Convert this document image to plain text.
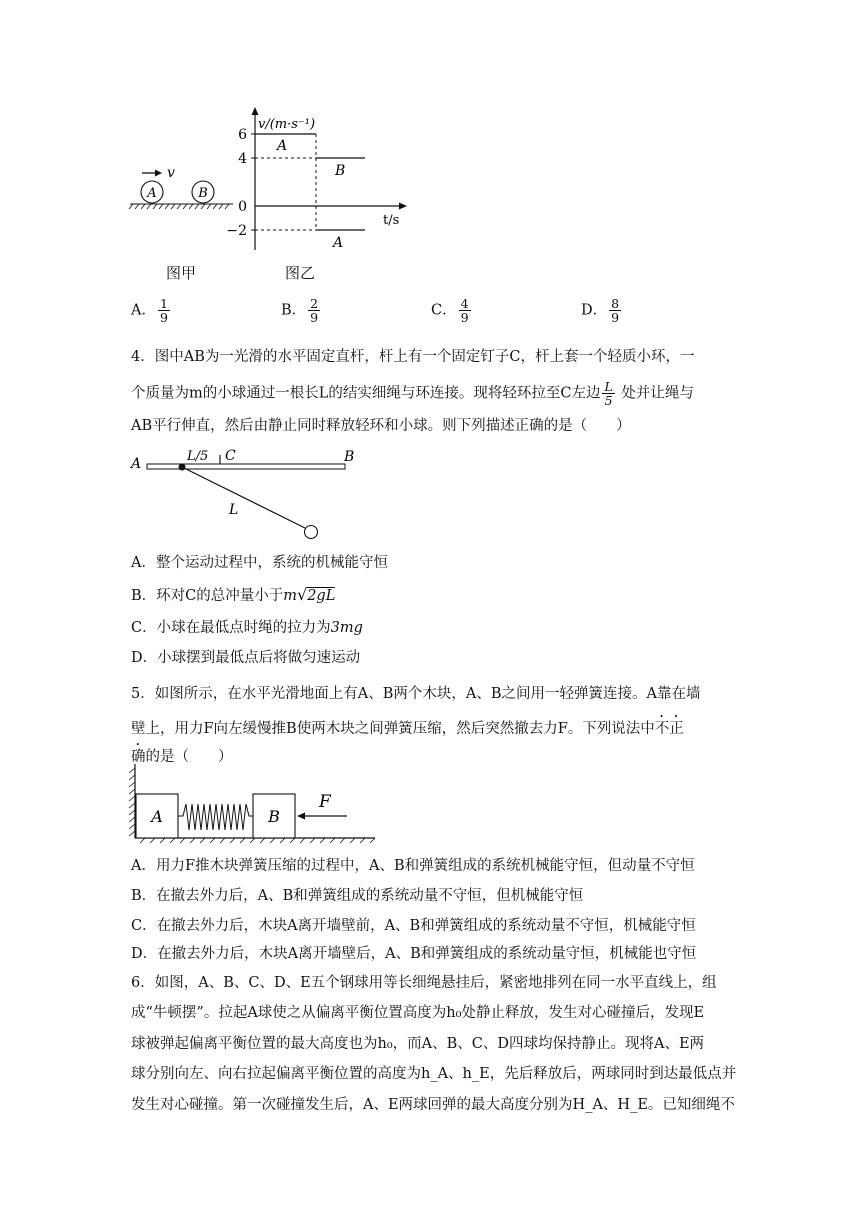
v
A	B
v/(m·s⁻¹)
t/s
6
4
0
−2
A
B
A
图甲	图乙
A． $\frac{1}{9}$	B． $\frac{2}{9}$	C． $\frac{4}{9}$	D． $\frac{8}{9}$
4．图中AB为一光滑的水平固定直杆，杆上有一个固定钉子C，杆上套一个轻质小环，一
个质量为m的小球通过一根长L的结实细绳与环连接。现将轻环拉至C左边 $\frac{L}{5}$ 处并让绳与
AB平行伸直，然后由静止同时释放轻环和小球。则下列描述正确的是（　　）
A	B
L/5 C
L
A．整个运动过程中，系统的机械能守恒
B．环对C的总冲量小于m√2gL
C．小球在最低点时绳的拉力为3mg
D．小球摆到最低点后将做匀速运动
5．如图所示，在水平光滑地面上有A、B两个木块，A、B之间用一轻弹簧连接。A靠在墙
壁上，用力F向左缓慢推B使两木块之间弹簧压缩，然后突然撤去力F。下列说法中不正
确的是（　　）
A	B
F
A．用力F推木块弹簧压缩的过程中，A、B和弹簧组成的系统机械能守恒，但动量不守恒
B．在撤去外力后，A、B和弹簧组成的系统动量不守恒，但机械能守恒
C．在撤去外力后，木块A离开墙壁前，A、B和弹簧组成的系统动量不守恒，机械能守恒
D．在撤去外力后，木块A离开墙壁后，A、B和弹簧组成的系统动量守恒，机械能也守恒
6．如图，A、B、C、D、E五个钢球用等长细绳悬挂后，紧密地排列在同一水平直线上，组
成“牛顿摆”。拉起A球使之从偏离平衡位置高度为h₀处静止释放，发生对心碰撞后，发现E
球被弹起偏离平衡位置的最大高度也为h₀，而A、B、C、D四球均保持静止。现将A、E两
球分别向左、向右拉起偏离平衡位置的高度为h_A、h_E，先后释放后，两球同时到达最低点并
发生对心碰撞。第一次碰撞发生后，A、E两球回弹的最大高度分别为H_A、H_E。已知细绳不
